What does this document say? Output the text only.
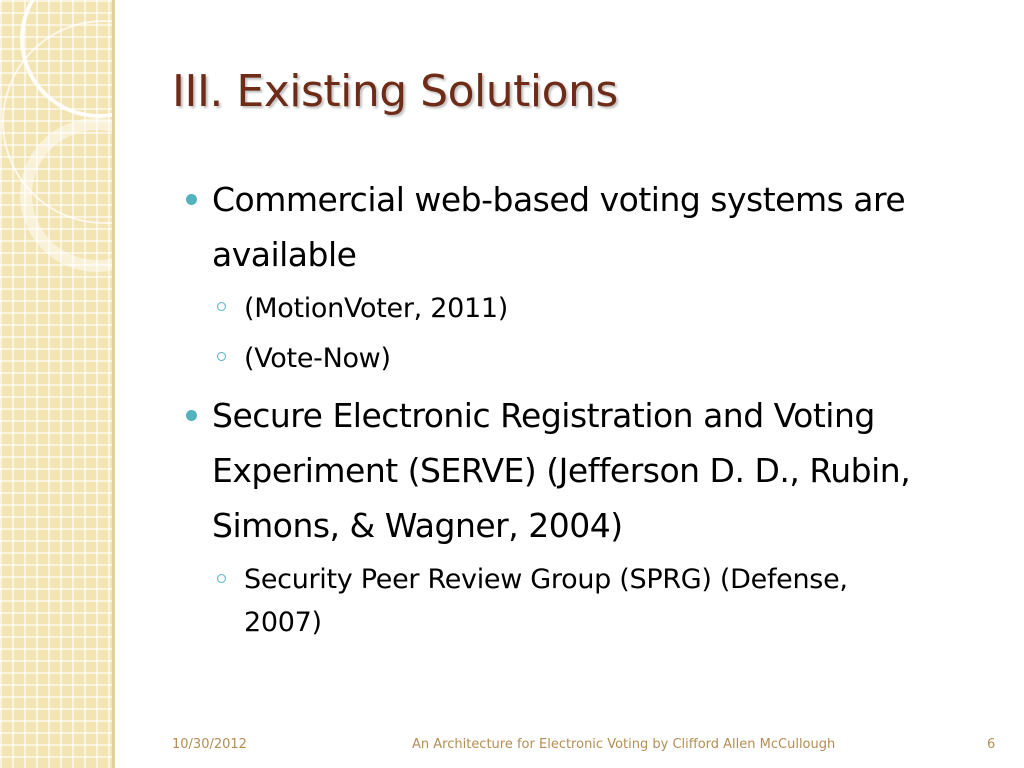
III. Existing Solutions
Commercial web-based voting systems are available
(MotionVoter, 2011)
(Vote-Now)
Secure Electronic Registration and Voting Experiment (SERVE) (Jefferson D. D., Rubin, Simons, & Wagner, 2004)
Security Peer Review Group (SPRG) (Defense, 2007)
10/30/2012	An Architecture for Electronic Voting by Clifford Allen McCullough	6
